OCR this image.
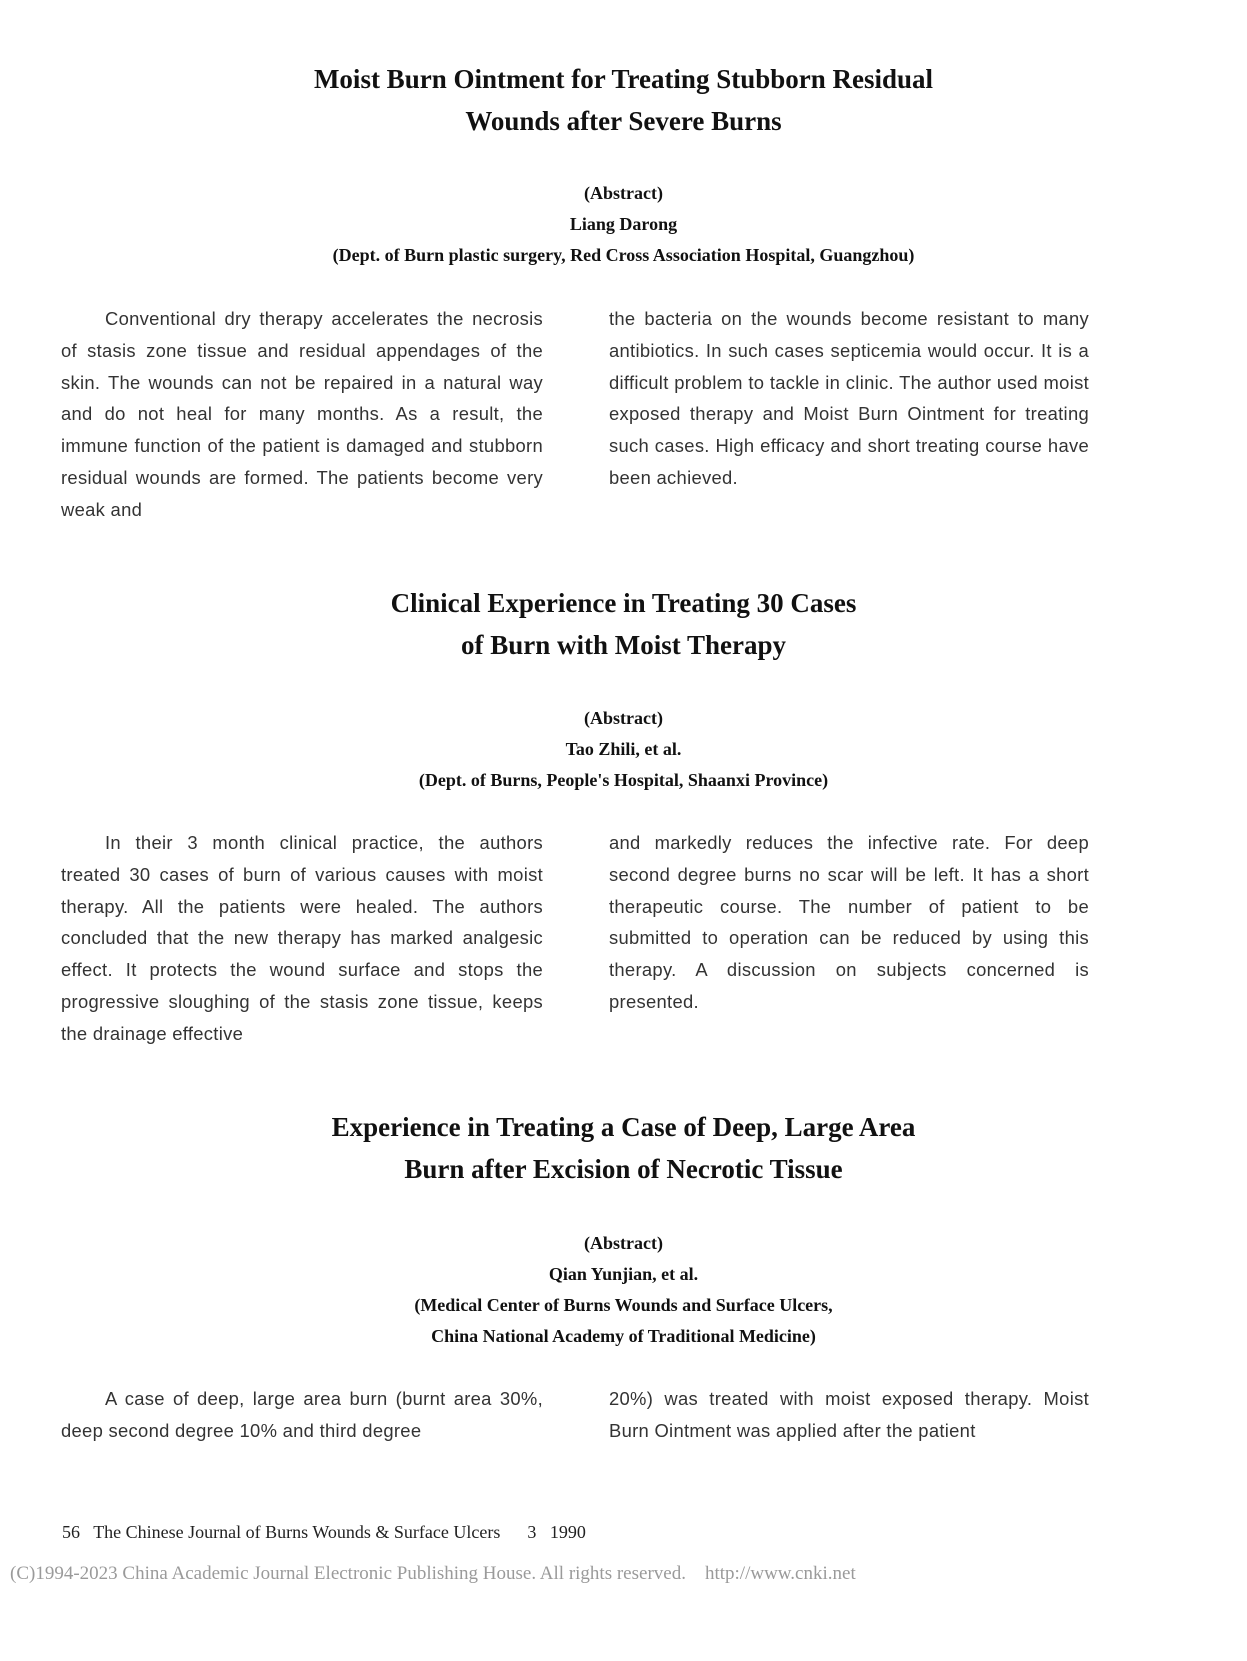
Moist Burn Ointment for Treating Stubborn Residual
Wounds after Severe Burns
(Abstract)
Liang Darong
(Dept. of Burn plastic surgery, Red Cross Association Hospital, Guangzhou)
Conventional dry therapy accelerates the necrosis of stasis zone tissue and residual appendages of the skin. The wounds can not be repaired in a natural way and do not heal for many months. As a result, the immune function of the patient is damaged and stubborn residual wounds are formed. The patients become very weak and
the bacteria on the wounds become resistant to many antibiotics. In such cases septicemia would occur. It is a difficult problem to tackle in clinic. The author used moist exposed therapy and Moist Burn Ointment for treating such cases. High efficacy and short treating course have been achieved.
Clinical Experience in Treating 30 Cases
of Burn with Moist Therapy
(Abstract)
Tao Zhili, et al.
(Dept. of Burns, People's Hospital, Shaanxi Province)
In their 3 month clinical practice, the authors treated 30 cases of burn of various causes with moist therapy. All the patients were healed. The authors concluded that the new therapy has marked analgesic effect. It protects the wound surface and stops the progressive sloughing of the stasis zone tissue, keeps the drainage effective
and markedly reduces the infective rate. For deep second degree burns no scar will be left. It has a short therapeutic course. The number of patient to be submitted to operation can be reduced by using this therapy. A discussion on subjects concerned is presented.
Experience in Treating a Case of Deep, Large Area
Burn after Excision of Necrotic Tissue
(Abstract)
Qian Yunjian, et al.
(Medical Center of Burns Wounds and Surface Ulcers,
China National Academy of Traditional Medicine)
A case of deep, large area burn (burnt area 30%, deep second degree 10% and third degree
20%) was treated with moist exposed therapy. Moist Burn Ointment was applied after the patient
56 The Chinese Journal of Burns Wounds & Surface Ulcers 3 1990
(C)1994-2023 China Academic Journal Electronic Publishing House. All rights reserved. http://www.cnki.net
